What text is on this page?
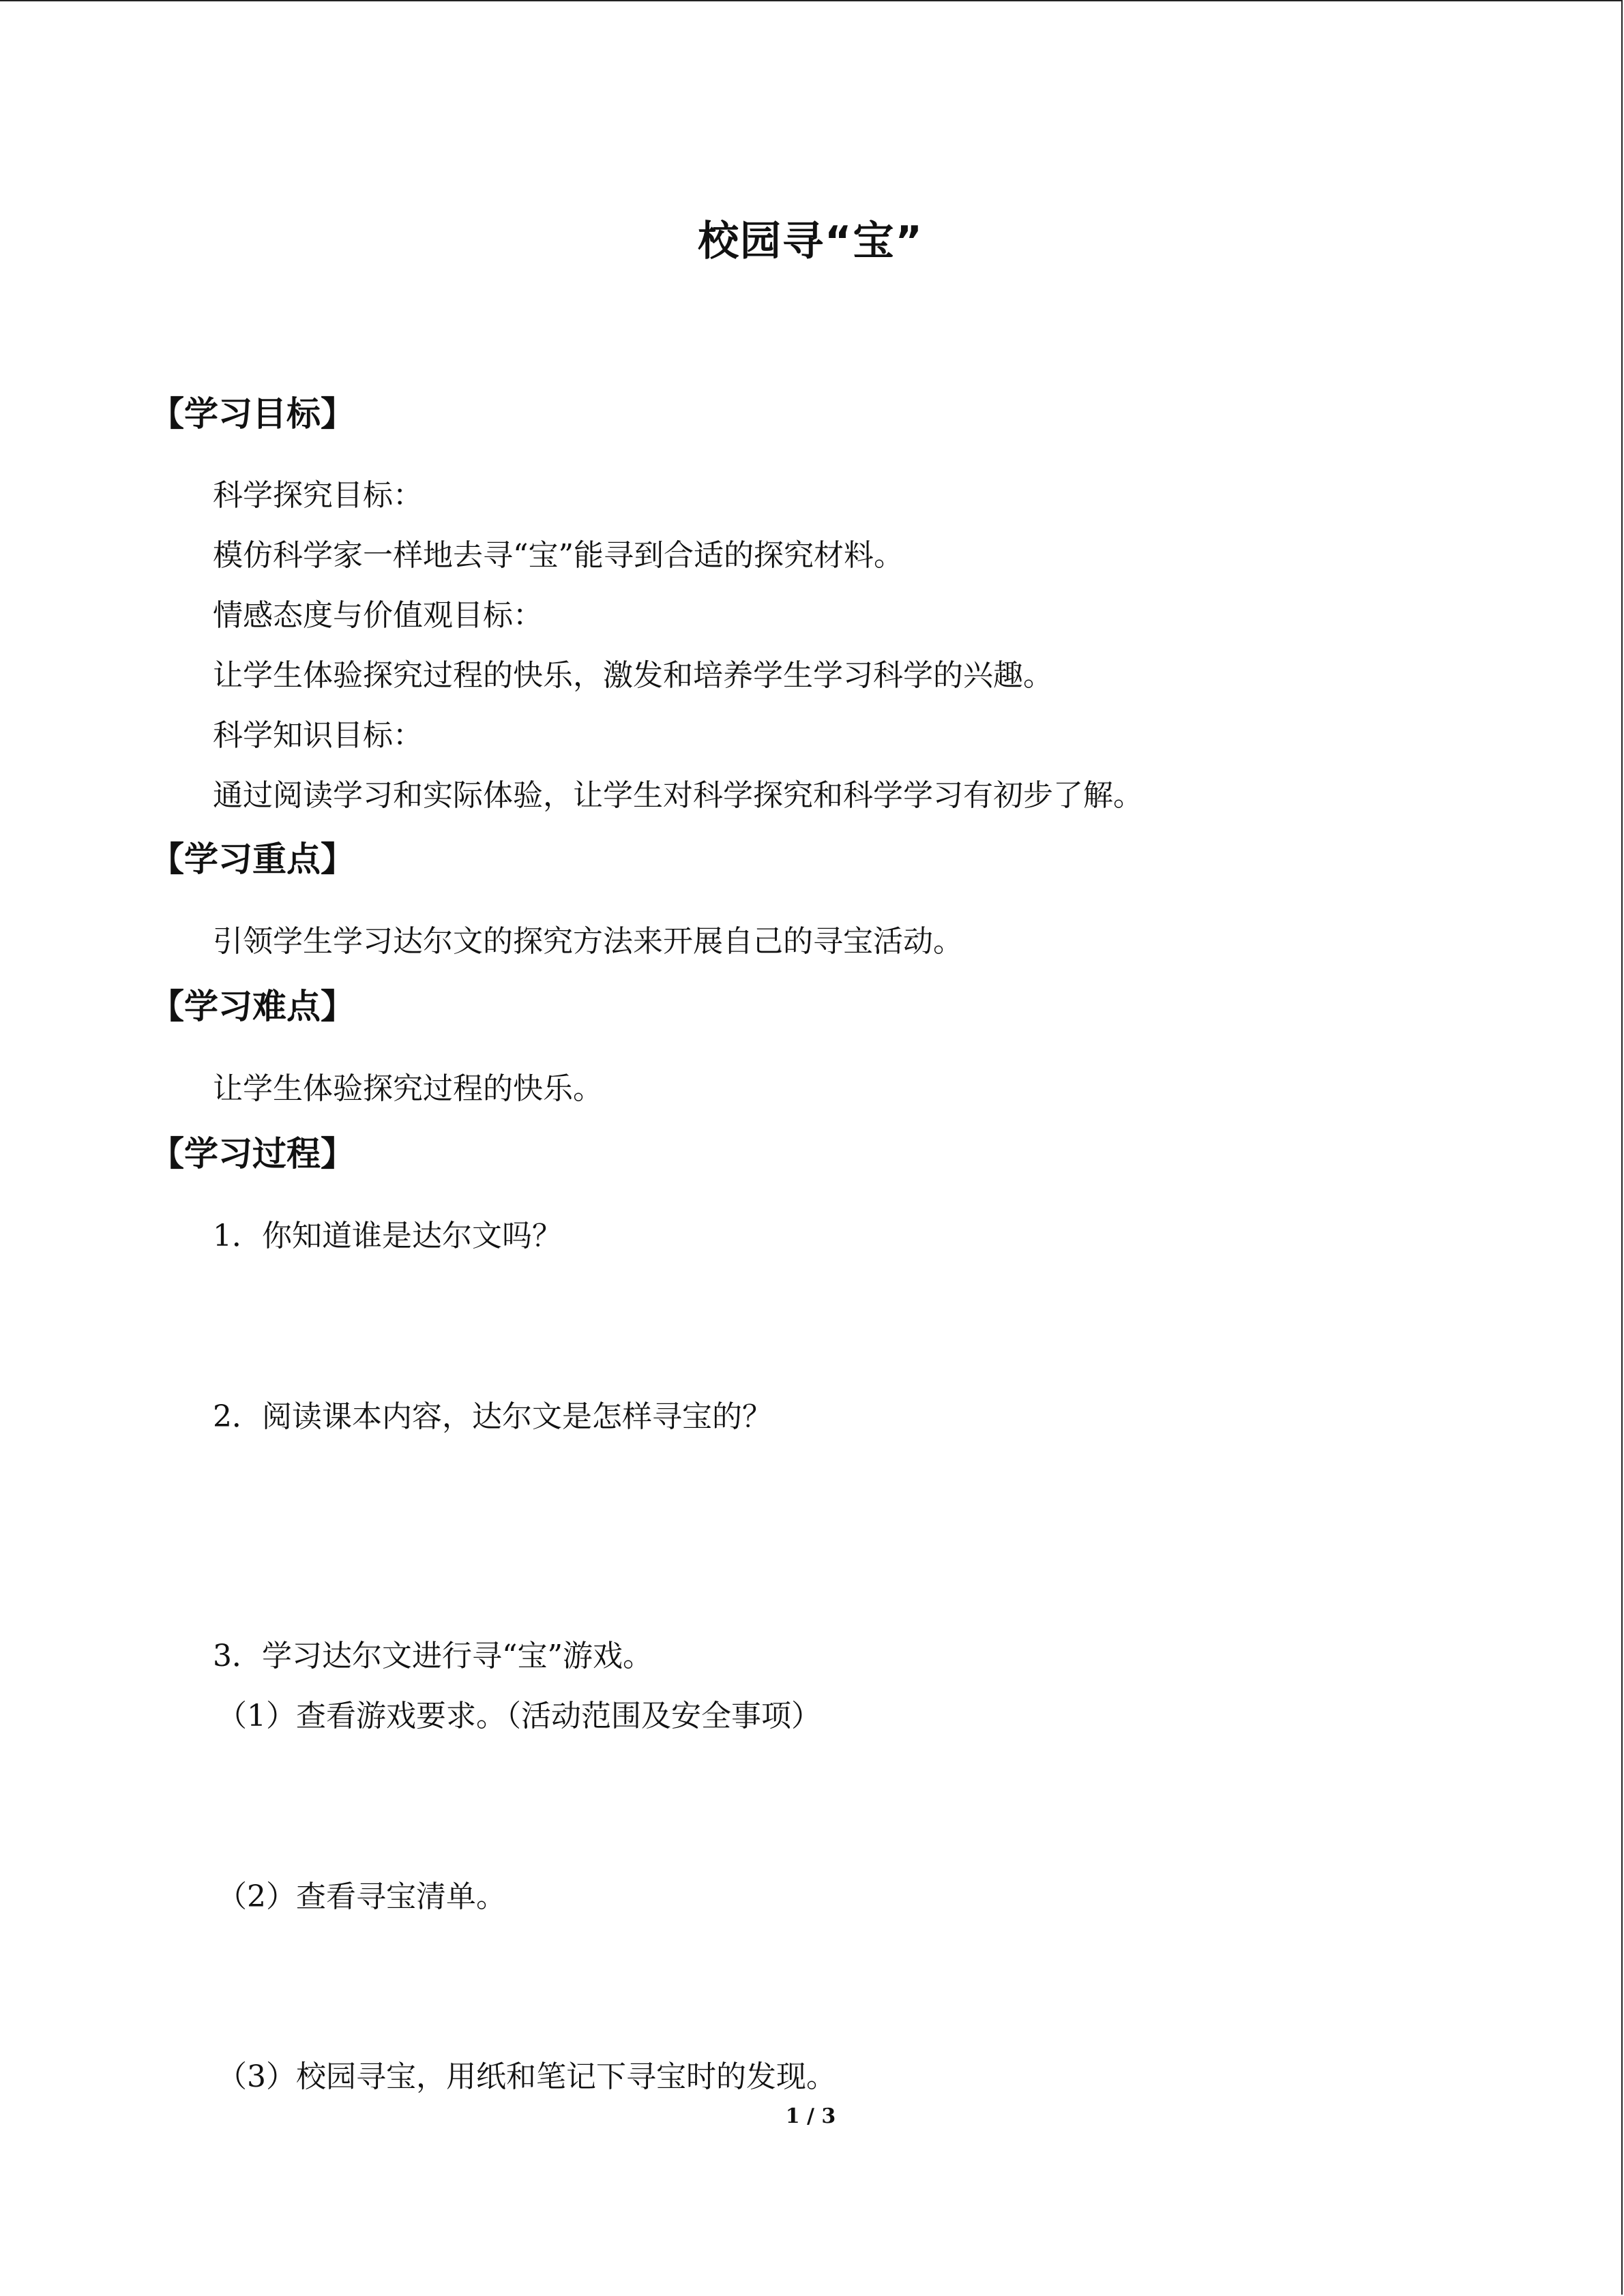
校园寻“宝”
【学习目标】
科学探究目标：
模仿科学家一样地去寻“宝”能寻到合适的探究材料。
情感态度与价值观目标：
让学生体验探究过程的快乐，激发和培养学生学习科学的兴趣。
科学知识目标：
通过阅读学习和实际体验，让学生对科学探究和科学学习有初步了解。
【学习重点】
引领学生学习达尔文的探究方法来开展自己的寻宝活动。
【学习难点】
让学生体验探究过程的快乐。
【学习过程】
1．你知道谁是达尔文吗？
2．阅读课本内容，达尔文是怎样寻宝的？
3．学习达尔文进行寻“宝”游戏。
（1）查看游戏要求。（活动范围及安全事项）
（2）查看寻宝清单。
（3）校园寻宝，用纸和笔记下寻宝时的发现。
1 / 3
